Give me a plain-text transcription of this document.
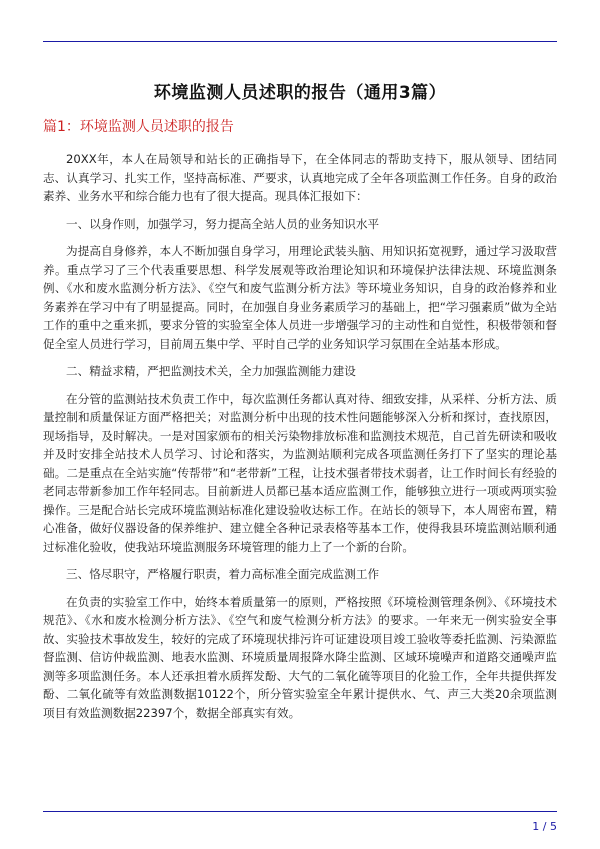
环境监测人员述职的报告（通用3篇）
篇1：环境监测人员述职的报告

20XX年，本人在局领导和站长的正确指导下，在全体同志的帮助支持下，服从领导、团结同志、认真学习、扎实工作，坚持高标准、严要求，认真地完成了全年各项监测工作任务。自身的政治素养、业务水平和综合能力也有了很大提高。现具体汇报如下：

一、以身作则，加强学习，努力提高全站人员的业务知识水平

为提高自身修养，本人不断加强自身学习，用理论武装头脑、用知识拓宽视野，通过学习汲取营养。重点学习了三个代表重要思想、科学发展观等政治理论知识和环境保护法律法规、环境监测条例、《水和废水监测分析方法》、《空气和废气监测分析方法》等环境业务知识，自身的政治修养和业务素养在学习中有了明显提高。同时，在加强自身业务素质学习的基础上，把“学习强素质”做为全站工作的重中之重来抓，要求分管的实验室全体人员进一步增强学习的主动性和自觉性，积极带领和督促全室人员进行学习，目前周五集中学、平时自己学的业务知识学习氛围在全站基本形成。

二、精益求精，严把监测技术关，全力加强监测能力建设

在分管的监测站技术负责工作中，每次监测任务都认真对待、细致安排，从采样、分析方法、质量控制和质量保证方面严格把关；对监测分析中出现的技术性问题能够深入分析和探讨，查找原因，现场指导，及时解决。一是对国家颁布的相关污染物排放标准和监测技术规范，自己首先研读和吸收并及时安排全站技术人员学习、讨论和落实，为监测站顺利完成各项监测任务打下了坚实的理论基础。二是重点在全站实施“传帮带”和“老带新”工程，让技术强者带技术弱者，让工作时间长有经验的老同志带新参加工作年轻同志。目前新进人员都已基本适应监测工作，能够独立进行一项或两项实验操作。三是配合站长完成环境监测站标准化建设验收达标工作。在站长的领导下，本人周密布置，精心准备，做好仪器设备的保养维护、建立健全各种记录表格等基本工作，使得我县环境监测站顺利通过标准化验收，使我站环境监测服务环境管理的能力上了一个新的台阶。

三、恪尽职守，严格履行职责，着力高标准全面完成监测工作

在负责的实验室工作中，始终本着质量第一的原则，严格按照《环境检测管理条例》、《环境技术规范》、《水和废水检测分析方法》、《空气和废气检测分析方法》的要求。一年来无一例实验安全事故、实验技术事故发生，较好的完成了环境现状排污许可证建设项目竣工验收等委托监测、污染源监督监测、信访仲裁监测、地表水监测、环境质量周报降水降尘监测、区域环境噪声和道路交通噪声监测等多项监测任务。本人还承担着水质挥发酚、大气的二氧化硫等项目的化验工作，全年共提供挥发酚、二氧化硫等有效监测数据10122个，所分管实验室全年累计提供水、气、声三大类20余项监测项目有效监测数据22397个，数据全部真实有效。

1 / 5
